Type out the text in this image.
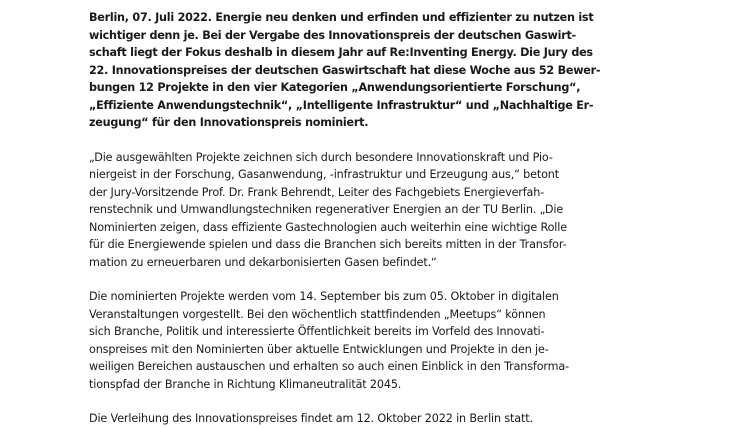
Berlin, 07. Juli 2022. Energie neu denken und erfinden und effizienter zu nutzen ist
wichtiger denn je. Bei der Vergabe des Innovationspreis der deutschen Gaswirt-
schaft liegt der Fokus deshalb in diesem Jahr auf Re:Inventing Energy. Die Jury des
22. Innovationspreises der deutschen Gaswirtschaft hat diese Woche aus 52 Bewer-
bungen 12 Projekte in den vier Kategorien „Anwendungsorientierte Forschung“,
„Effiziente Anwendungstechnik“, „Intelligente Infrastruktur“ und „Nachhaltige Er-
zeugung“ für den Innovationspreis nominiert.

„Die ausgewählten Projekte zeichnen sich durch besondere Innovationskraft und Pio-
niergeist in der Forschung, Gasanwendung, -infrastruktur und Erzeugung aus,“ betont
der Jury-Vorsitzende Prof. Dr. Frank Behrendt, Leiter des Fachgebiets Energieverfah-
renstechnik und Umwandlungstechniken regenerativer Energien an der TU Berlin. „Die
Nominierten zeigen, dass effiziente Gastechnologien auch weiterhin eine wichtige Rolle
für die Energiewende spielen und dass die Branchen sich bereits mitten in der Transfor-
mation zu erneuerbaren und dekarbonisierten Gasen befindet.“

Die nominierten Projekte werden vom 14. September bis zum 05. Oktober in digitalen
Veranstaltungen vorgestellt. Bei den wöchentlich stattfindenden „Meetups“ können
sich Branche, Politik und interessierte Öffentlichkeit bereits im Vorfeld des Innovati-
onspreises mit den Nominierten über aktuelle Entwicklungen und Projekte in den je-
weiligen Bereichen austauschen und erhalten so auch einen Einblick in den Transforma-
tionspfad der Branche in Richtung Klimaneutralität 2045.

Die Verleihung des Innovationspreises findet am 12. Oktober 2022 in Berlin statt.
